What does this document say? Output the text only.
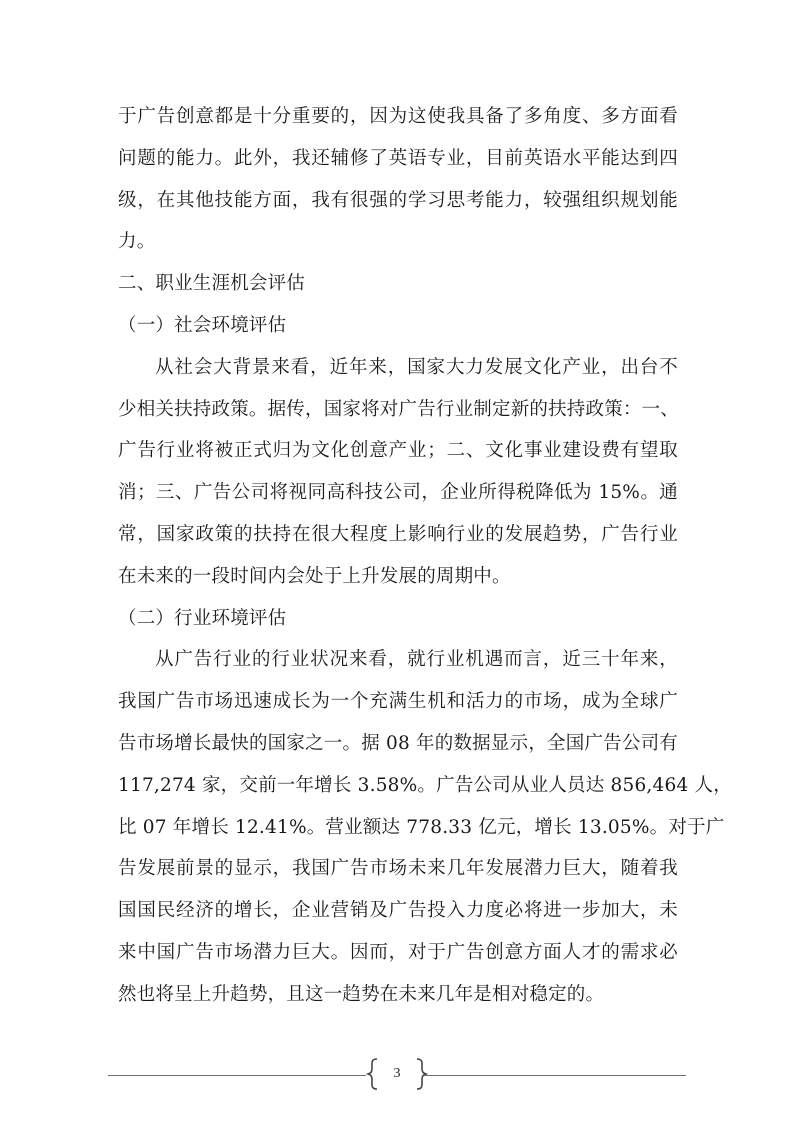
于广告创意都是十分重要的，因为这使我具备了多角度、多方面看
问题的能力。此外，我还辅修了英语专业，目前英语水平能达到四
级，在其他技能方面，我有很强的学习思考能力，较强组织规划能
力。
二、职业生涯机会评估
（一）社会环境评估
从社会大背景来看，近年来，国家大力发展文化产业，出台不
少相关扶持政策。据传，国家将对广告行业制定新的扶持政策：一、
广告行业将被正式归为文化创意产业；二、文化事业建设费有望取
消；三、广告公司将视同高科技公司，企业所得税降低为 15%。通
常，国家政策的扶持在很大程度上影响行业的发展趋势，广告行业
在未来的一段时间内会处于上升发展的周期中。
（二）行业环境评估
从广告行业的行业状况来看，就行业机遇而言，近三十年来，
我国广告市场迅速成长为一个充满生机和活力的市场，成为全球广
告市场增长最快的国家之一。据 08 年的数据显示，全国广告公司有
117,274 家，交前一年增长 3.58%。广告公司从业人员达 856,464 人，
比 07 年增长 12.41%。营业额达 778.33 亿元，增长 13.05%。对于广
告发展前景的显示，我国广告市场未来几年发展潜力巨大，随着我
国国民经济的增长，企业营销及广告投入力度必将进一步加大，未
来中国广告市场潜力巨大。因而，对于广告创意方面人才的需求必
然也将呈上升趋势，且这一趋势在未来几年是相对稳定的。
3
